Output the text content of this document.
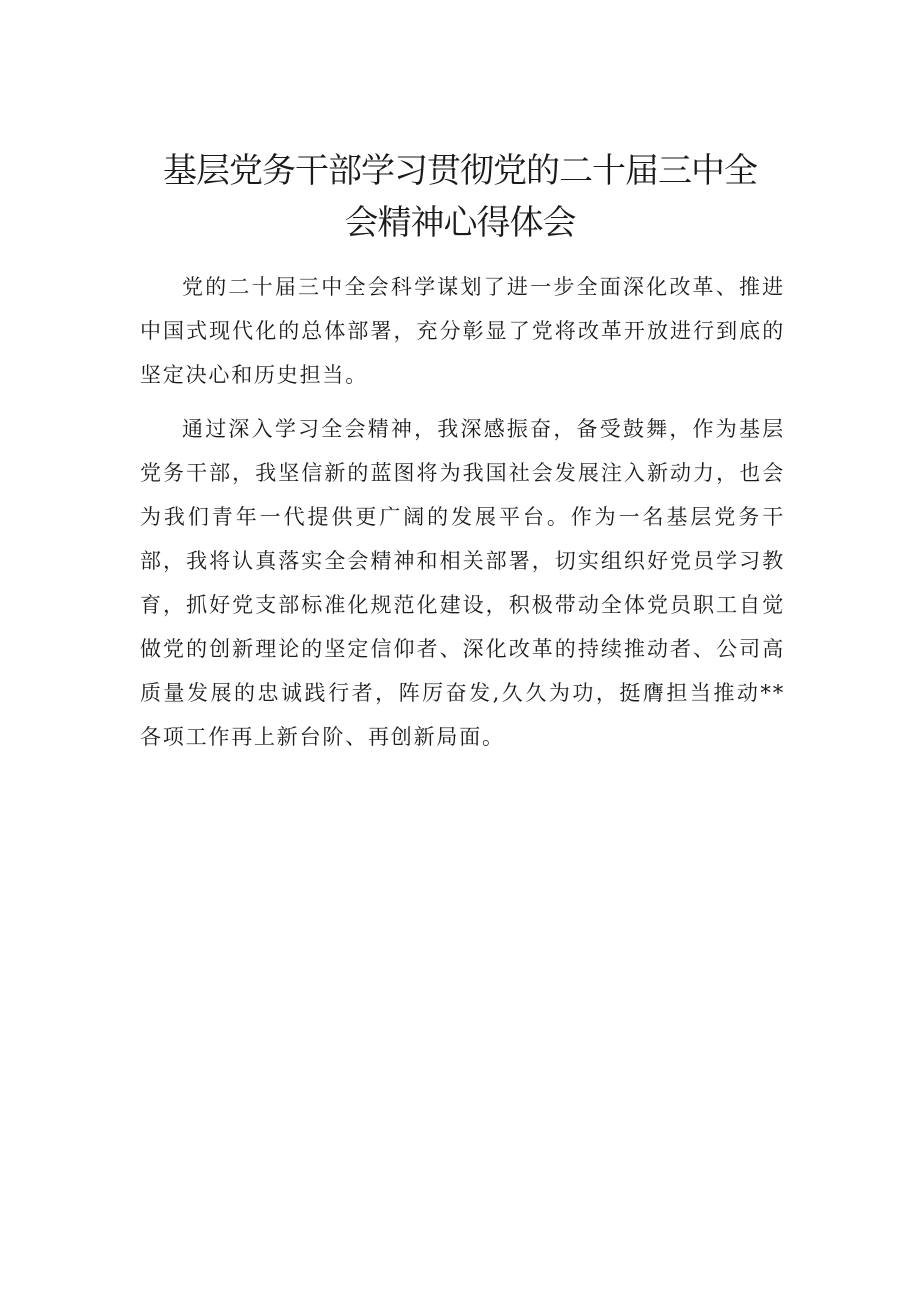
基层党务干部学习贯彻党的二十届三中全
会精神心得体会

党的二十届三中全会科学谋划了进一步全面深化改革、推进中国式现代化的总体部署，充分彰显了党将改革开放进行到底的坚定决心和历史担当。

通过深入学习全会精神，我深感振奋，备受鼓舞，作为基层党务干部，我坚信新的蓝图将为我国社会发展注入新动力，也会为我们青年一代提供更广阔的发展平台。作为一名基层党务干部，我将认真落实全会精神和相关部署，切实组织好党员学习教育，抓好党支部标准化规范化建设，积极带动全体党员职工自觉做党的创新理论的坚定信仰者、深化改革的持续推动者、公司高质量发展的忠诚践行者，阵厉奋发,久久为功，挺膺担当推动**各项工作再上新台阶、再创新局面。
